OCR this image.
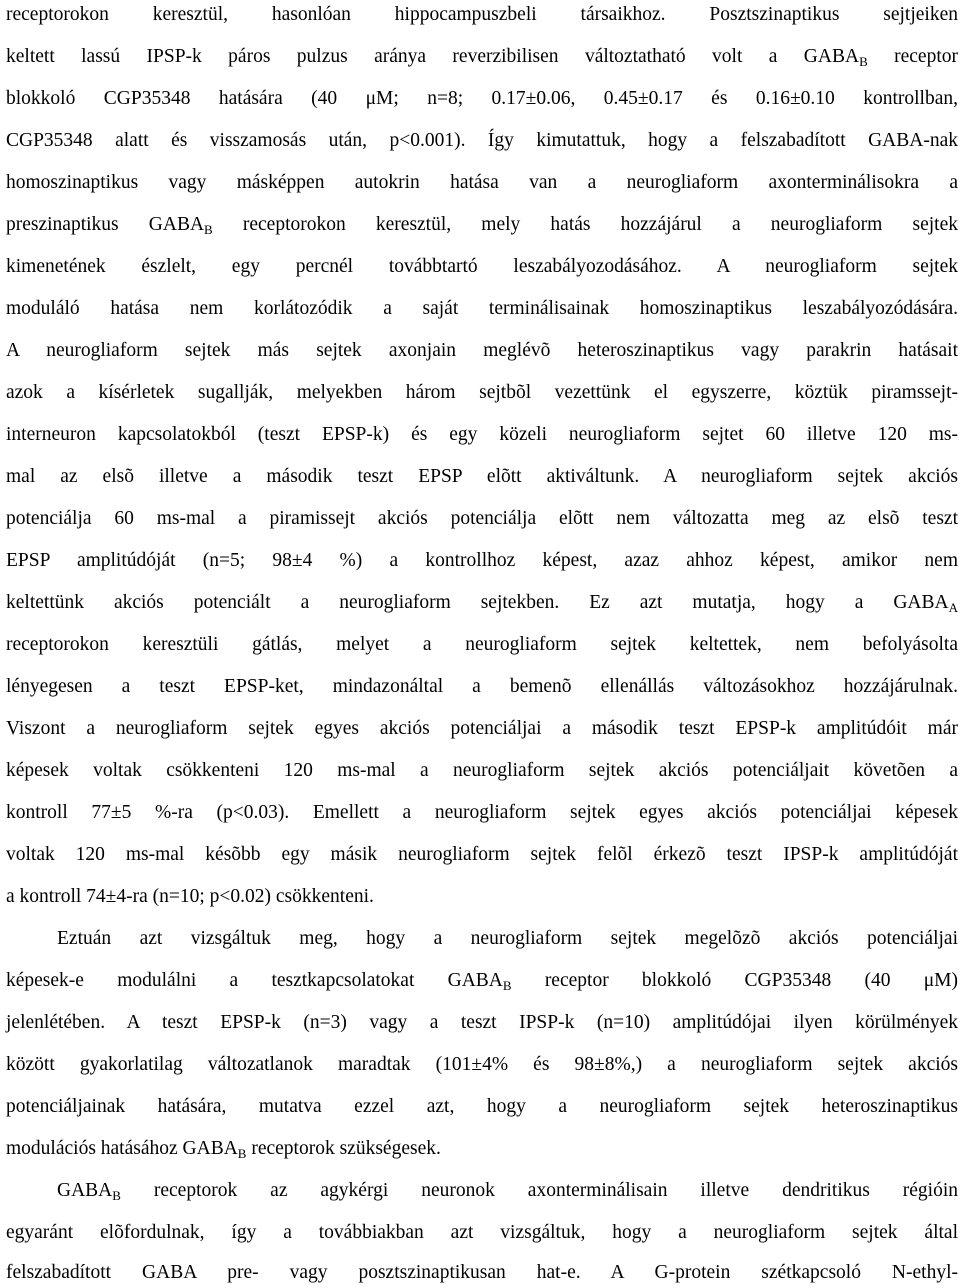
receptorokon keresztül, hasonlóan hippocampuszbeli társaikhoz. Posztszinaptikus sejtjeiken
keltett lassú IPSP-k páros pulzus aránya reverzibilisen változtatható volt a $GABA_B$ receptor
blokkoló CGP35348 hatására (40 μM; n=8; 0.17±0.06, 0.45±0.17 és 0.16±0.10 kontrollban,
CGP35348 alatt és visszamosás után, p<0.001). Így kimutattuk, hogy a felszabadított GABA-nak
homoszinaptikus vagy másképpen autokrin hatása van a neurogliaform axonterminálisokra a
preszinaptikus $GABA_B$ receptorokon keresztül, mely hatás hozzájárul a neurogliaform sejtek
kimenetének észlelt, egy percnél továbbtartó leszabályozodásához. A neurogliaform sejtek
moduláló hatása nem korlátozódik a saját terminálisainak homoszinaptikus leszabályozódására.
A neurogliaform sejtek más sejtek axonjain meglévõ heteroszinaptikus vagy parakrin hatásait
azok a kísérletek sugallják, melyekben három sejtbõl vezettünk el egyszerre, köztük piramssejt-
interneuron kapcsolatokból (teszt EPSP-k) és egy közeli neurogliaform sejtet 60 illetve 120 ms-
mal az elsõ illetve a második teszt EPSP elõtt aktiváltunk. A neurogliaform sejtek akciós
potenciálja 60 ms-mal a piramissejt akciós potenciálja elõtt nem változatta meg az elsõ teszt
EPSP amplitúdóját (n=5; 98±4 %) a kontrollhoz képest, azaz ahhoz képest, amikor nem
keltettünk akciós potenciált a neurogliaform sejtekben. Ez azt mutatja, hogy a $GABA_A$
receptorokon keresztüli gátlás, melyet a neurogliaform sejtek keltettek, nem befolyásolta
lényegesen a teszt EPSP-ket, mindazonáltal a bemenõ ellenállás változásokhoz hozzájárulnak.
Viszont a neurogliaform sejtek egyes akciós potenciáljai a második teszt EPSP-k amplitúdóit már
képesek voltak csökkenteni 120 ms-mal a neurogliaform sejtek akciós potenciáljait követõen a
kontroll 77±5 %-ra (p<0.03). Emellett a neurogliaform sejtek egyes akciós potenciáljai képesek
voltak 120 ms-mal késõbb egy másik neurogliaform sejtek felõl érkezõ teszt IPSP-k amplitúdóját
a kontroll 74±4-ra (n=10; p<0.02) csökkenteni.
Eztuán azt vizsgáltuk meg, hogy a neurogliaform sejtek megelõzõ akciós potenciáljai
képesek-e modulálni a tesztkapcsolatokat $GABA_B$ receptor blokkoló CGP35348 (40 μM)
jelenlétében. A teszt EPSP-k (n=3) vagy a teszt IPSP-k (n=10) amplitúdójai ilyen körülmények
között gyakorlatilag változatlanok maradtak (101±4% és 98±8%,) a neurogliaform sejtek akciós
potenciáljainak hatására, mutatva ezzel azt, hogy a neurogliaform sejtek heteroszinaptikus
modulációs hatásához $GABA_B$ receptorok szükségesek.
$GABA_B$ receptorok az agykérgi neuronok axonterminálisain illetve dendritikus régióin
egyaránt elõfordulnak, így a továbbiakban azt vizsgáltuk, hogy a neurogliaform sejtek által
felszabadított GABA pre- vagy posztszinaptikusan hat-e. A G-protein szétkapcsoló N-ethyl-
